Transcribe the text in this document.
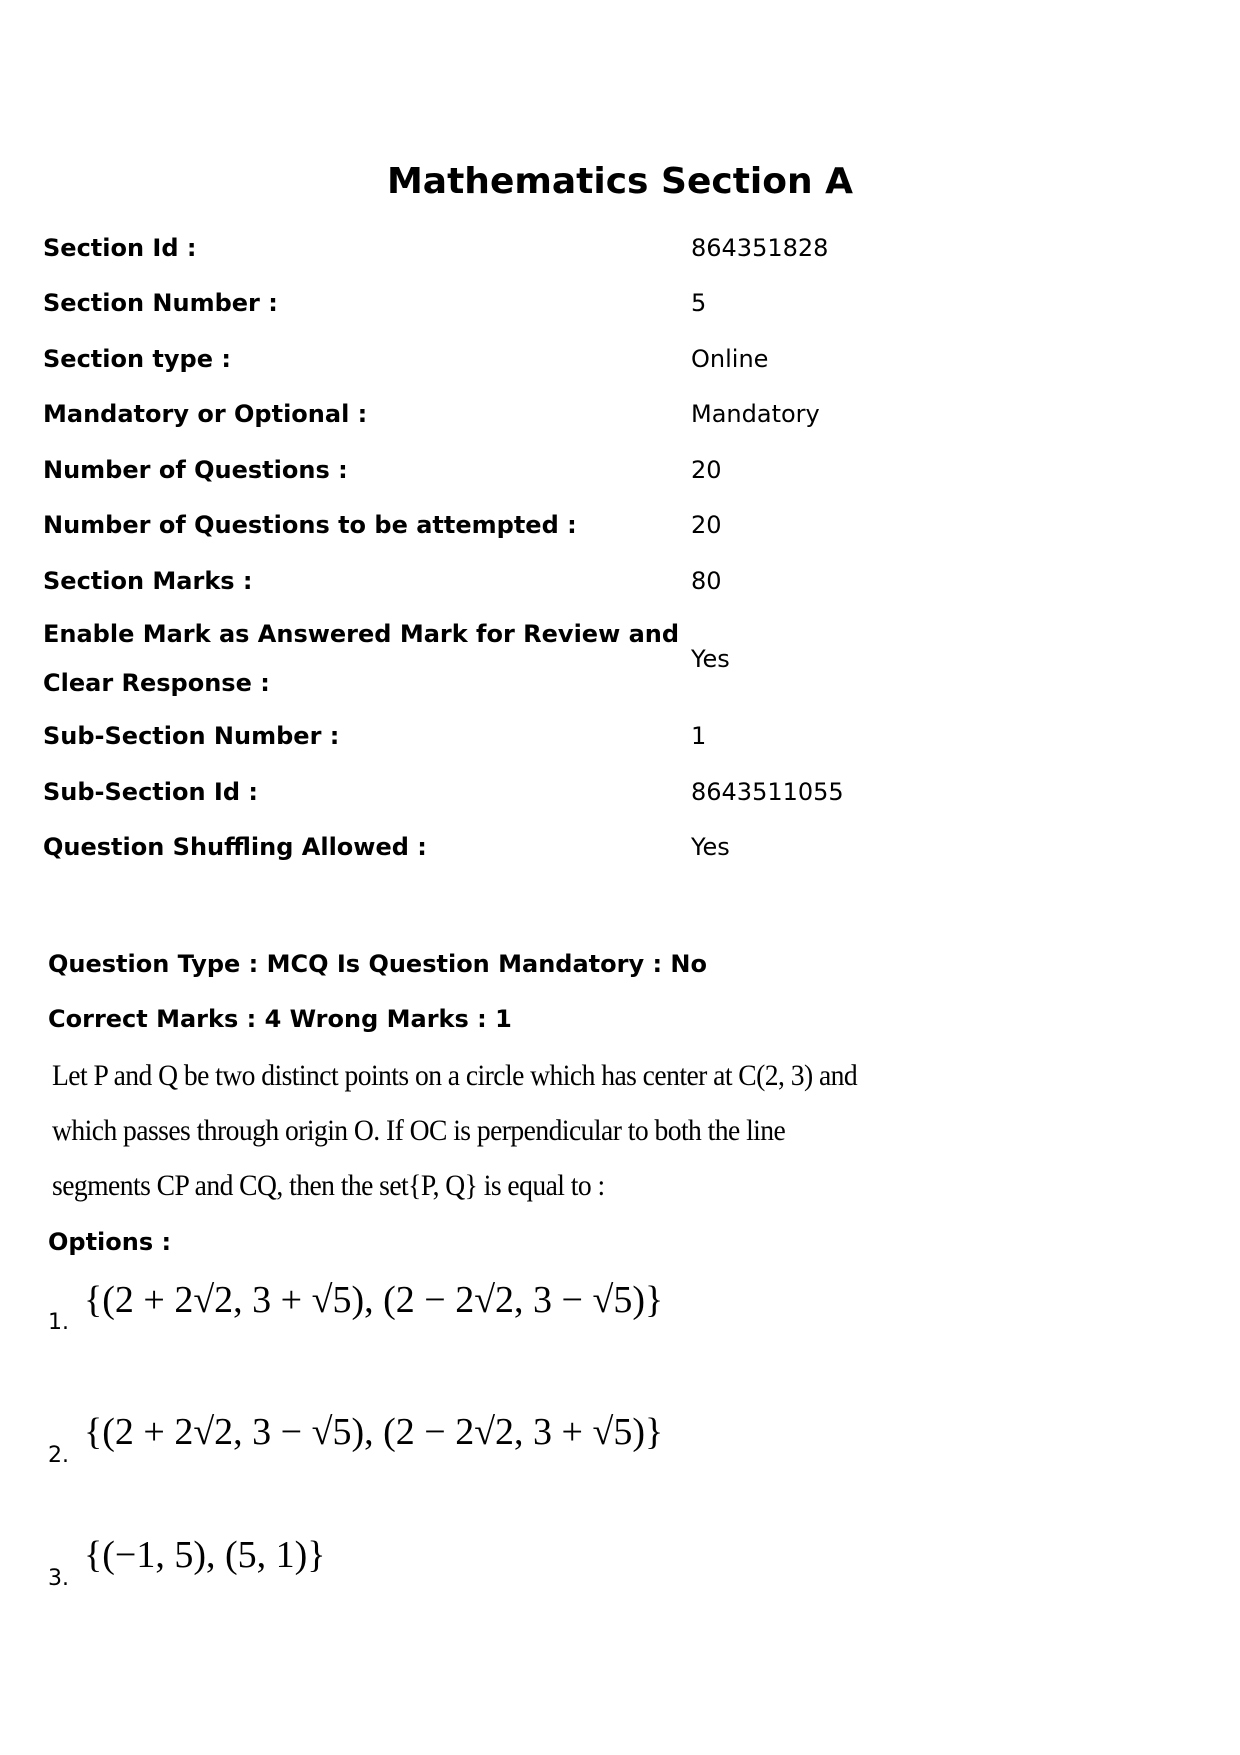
Mathematics Section A
Section Id :	864351828
Section Number :	5
Section type :	Online
Mandatory or Optional :	Mandatory
Number of Questions :	20
Number of Questions to be attempted :	20
Section Marks :	80
Enable Mark as Answered Mark for Review and Clear Response :
Yes
Sub-Section Number :	1
Sub-Section Id :	8643511055
Question Shuffling Allowed :	Yes
Question Type : MCQ Is Question Mandatory : No
Correct Marks : 4 Wrong Marks : 1
Let P and Q be two distinct points on a circle which has center at C(2, 3) and which passes through origin O. If OC is perpendicular to both the line segments CP and CQ, then the set{P, Q} is equal to :
Options :
1.
{(2 + 2√2, 3 + √5), (2 − 2√2, 3 − √5)}
2.
{(2 + 2√2, 3 − √5), (2 − 2√2, 3 + √5)}
3.
{(−1, 5), (5, 1)}
